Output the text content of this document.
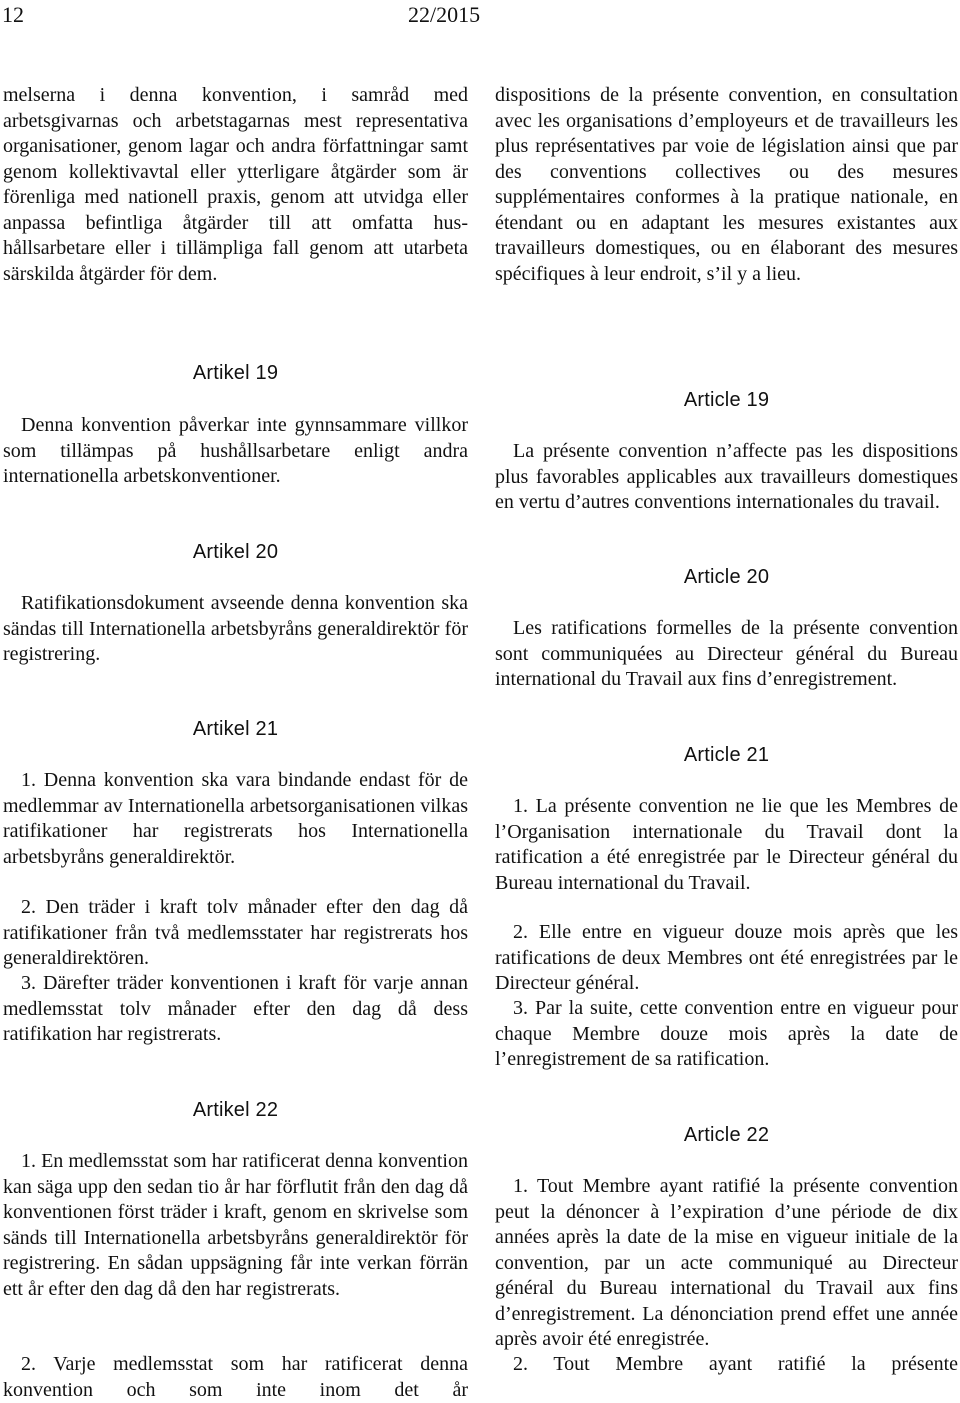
12	22/2015

melserna i denna konvention, i samråd med arbetsgivarnas och arbetstagarnas mest representativa organisationer, genom lagar och andra författningar samt genom kollektivavtal eller ytterligare åtgärder som är förenliga med nationell praxis, genom att utvidga eller anpassa befintliga åtgärder till att omfatta hushållsarbetare eller i tillämpliga fall genom att utarbeta särskilda åtgärder för dem.

Artikel 19

Denna konvention påverkar inte gynnsammare villkor som tillämpas på hushållsarbetare enligt andra internationella arbetskonventioner.

Artikel 20

Ratifikationsdokument avseende denna konvention ska sändas till Internationella arbetsbyråns generaldirektör för registrering.

Artikel 21

1. Denna konvention ska vara bindande endast för de medlemmar av Internationella arbetsorganisationen vilkas ratifikationer har registrerats hos Internationella arbetsbyråns generaldirektör.

2. Den träder i kraft tolv månader efter den dag då ratifikationer från två medlemsstater har registrerats hos generaldirektören.

3. Därefter träder konventionen i kraft för varje annan medlemsstat tolv månader efter den dag då dess ratifikation har registrerats.

Artikel 22

1. En medlemsstat som har ratificerat denna konvention kan säga upp den sedan tio år har förflutit från den dag då konventionen först träder i kraft, genom en skrivelse som sänds till Internationella arbetsbyråns generaldirektör för registrering. En sådan uppsägning får inte verkan förrän ett år efter den dag då den har registrerats.

2. Varje medlemsstat som har ratificerat denna konvention och som inte inom det år

dispositions de la présente convention, en consultation avec les organisations d’employeurs et de travailleurs les plus représentatives par voie de législation ainsi que par des conventions collectives ou des mesures supplémentaires conformes à la pratique nationale, en étendant ou en adaptant les mesures existantes aux travailleurs domestiques, ou en élaborant des mesures spécifiques à leur endroit, s’il y a lieu.

Article 19

La présente convention n’affecte pas les dispositions plus favorables applicables aux travailleurs domestiques en vertu d’autres conventions internationales du travail.

Article 20

Les ratifications formelles de la présente convention sont communiquées au Directeur général du Bureau international du Travail aux fins d’enregistrement.

Article 21

1. La présente convention ne lie que les Membres de l’Organisation internationale du Travail dont la ratification a été enregistrée par le Directeur général du Bureau international du Travail.

2. Elle entre en vigueur douze mois après que les ratifications de deux Membres ont été enregistrées par le Directeur général.

3. Par la suite, cette convention entre en vigueur pour chaque Membre douze mois après la date de l’enregistrement de sa ratification.

Article 22

1. Tout Membre ayant ratifié la présente convention peut la dénoncer à l’expiration d’une période de dix années après la date de la mise en vigueur initiale de la convention, par un acte communiqué au Directeur général du Bureau international du Travail aux fins d’enregistrement. La dénonciation prend effet une année après avoir été enregistrée.

2. Tout Membre ayant ratifié la présente
